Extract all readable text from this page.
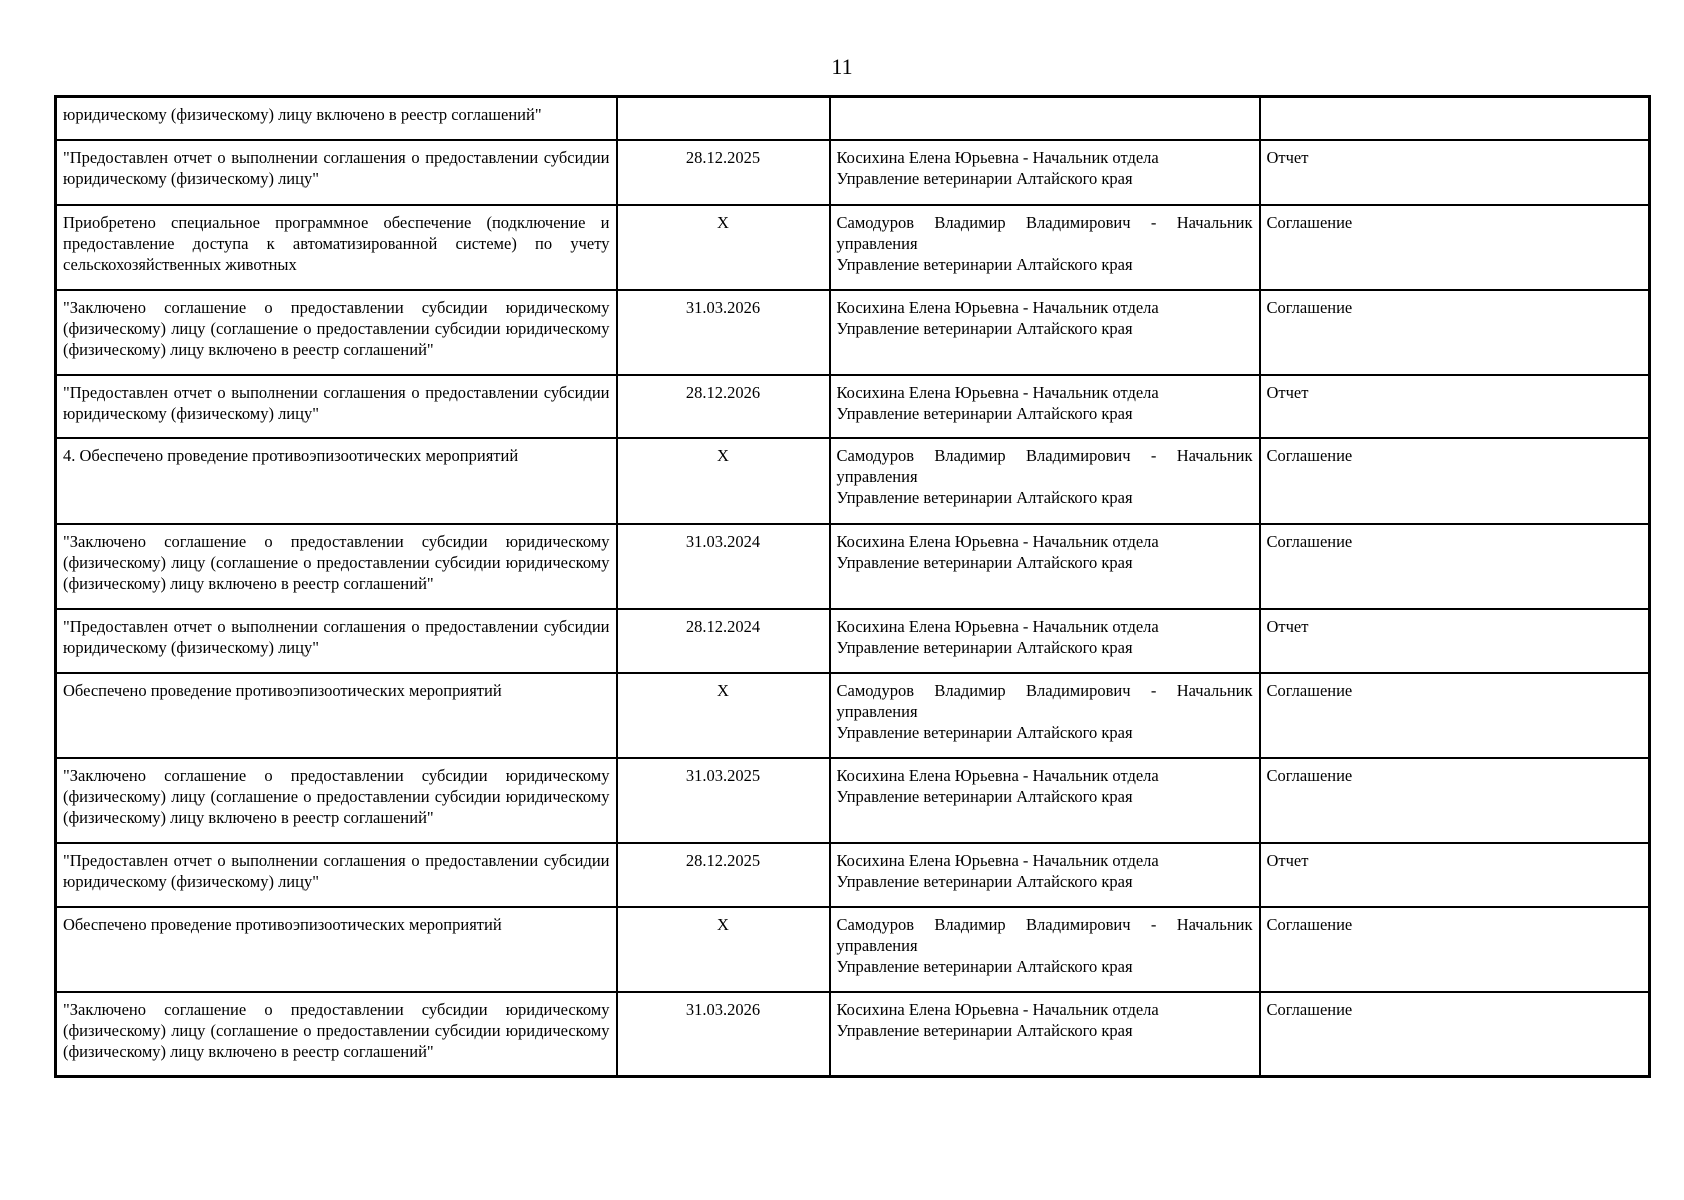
11
юридическому (физическому) лицу включено в реестр соглашений"		

"Предоставлен отчет о выполнении соглашения о предоставлении субсидии юридическому (физическому) лицу"	28.12.2025	Косихина Елена Юрьевна - Начальник отдела
Управление ветеринарии Алтайского края	Отчет
Приобретено специальное программное обеспечение (подключение и предоставление доступа к автоматизированной системе) по учету сельскохозяйственных животных	X	Самодуров Владимир Владимирович - Начальник управления
Управление ветеринарии Алтайского края	Соглашение
"Заключено соглашение о предоставлении субсидии юридическому (физическому) лицу (соглашение о предоставлении субсидии юридическому (физическому) лицу включено в реестр соглашений"	31.03.2026	Косихина Елена Юрьевна - Начальник отдела
Управление ветеринарии Алтайского края	Соглашение
"Предоставлен отчет о выполнении соглашения о предоставлении субсидии юридическому (физическому) лицу"	28.12.2026	Косихина Елена Юрьевна - Начальник отдела
Управление ветеринарии Алтайского края	Отчет
4. Обеспечено проведение противоэпизоотических мероприятий	X	Самодуров Владимир Владимирович - Начальник управления
Управление ветеринарии Алтайского края	Соглашение
"Заключено соглашение о предоставлении субсидии юридическому (физическому) лицу (соглашение о предоставлении субсидии юридическому (физическому) лицу включено в реестр соглашений"	31.03.2024	Косихина Елена Юрьевна - Начальник отдела
Управление ветеринарии Алтайского края	Соглашение
"Предоставлен отчет о выполнении соглашения о предоставлении субсидии юридическому (физическому) лицу"	28.12.2024	Косихина Елена Юрьевна - Начальник отдела
Управление ветеринарии Алтайского края	Отчет
Обеспечено проведение противоэпизоотических мероприятий	X	Самодуров Владимир Владимирович - Начальник управления
Управление ветеринарии Алтайского края	Соглашение
"Заключено соглашение о предоставлении субсидии юридическому (физическому) лицу (соглашение о предоставлении субсидии юридическому (физическому) лицу включено в реестр соглашений"	31.03.2025	Косихина Елена Юрьевна - Начальник отдела
Управление ветеринарии Алтайского края	Соглашение
"Предоставлен отчет о выполнении соглашения о предоставлении субсидии юридическому (физическому) лицу"	28.12.2025	Косихина Елена Юрьевна - Начальник отдела
Управление ветеринарии Алтайского края	Отчет
Обеспечено проведение противоэпизоотических мероприятий	X	Самодуров Владимир Владимирович - Начальник управления
Управление ветеринарии Алтайского края	Соглашение
"Заключено соглашение о предоставлении субсидии юридическому (физическому) лицу (соглашение о предоставлении субсидии юридическому (физическому) лицу включено в реестр соглашений"	31.03.2026	Косихина Елена Юрьевна - Начальник отдела
Управление ветеринарии Алтайского края	Соглашение
